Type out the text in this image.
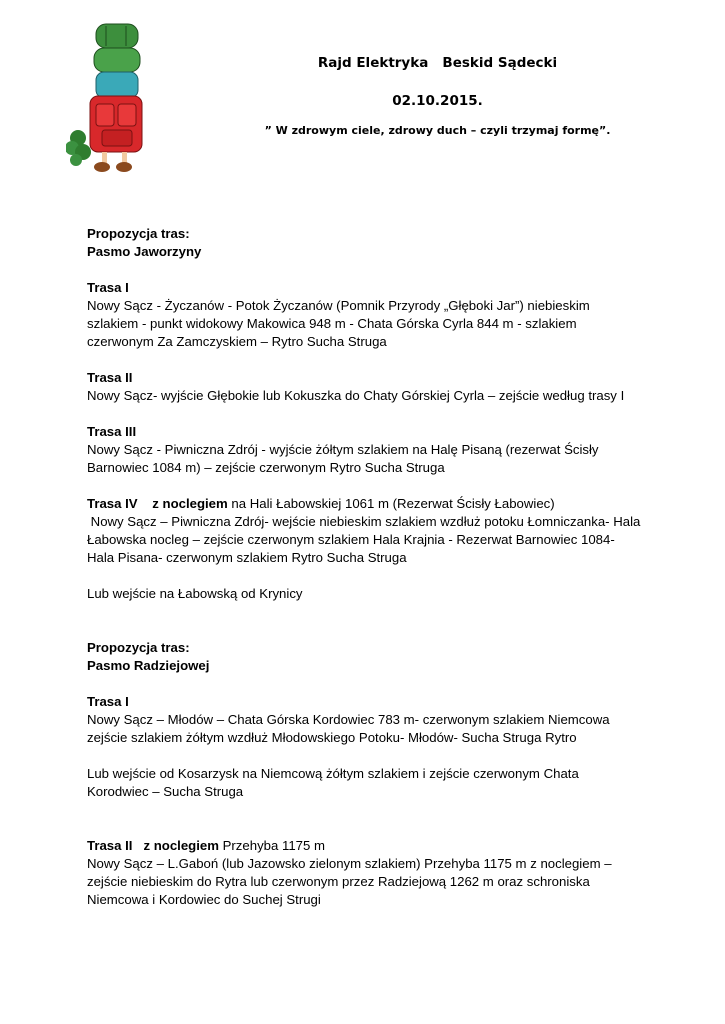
Rajd Elektryka   Beskid Sądecki
02.10.2015.
” W zdrowym ciele, zdrowy duch – czyli trzymaj formę”.

Propozycja tras:

Pasmo Jaworzyny

Trasa I

Nowy Sącz - Życzanów - Potok Życzanów (Pomnik Przyrody „Głęboki Jar”) niebieskim

szlakiem - punkt widokowy Makowica 948 m - Chata Górska Cyrla 844 m - szlakiem

czerwonym Za Zamczyskiem – Rytro Sucha Struga

Trasa II

Nowy Sącz- wyjście Głębokie lub Kokuszka do Chaty Górskiej Cyrla – zejście według trasy I

Trasa III

Nowy Sącz - Piwniczna Zdrój - wyjście żółtym szlakiem na Halę Pisaną (rezerwat Ścisły

Barnowiec 1084 m) – zejście czerwonym Rytro Sucha Struga

Trasa IV z noclegiem na Hali Łabowskiej 1061 m (Rezerwat Ścisły Łabowiec)

Nowy Sącz – Piwniczna Zdrój- wejście niebieskim szlakiem wzdłuż potoku Łomniczanka- Hala

Łabowska nocleg – zejście czerwonym szlakiem Hala Krajnia - Rezerwat Barnowiec 1084-

Hala Pisana- czerwonym szlakiem Rytro Sucha Struga

Lub wejście na Łabowską od Krynicy

Propozycja tras:

Pasmo Radziejowej

Trasa I

Nowy Sącz – Młodów – Chata Górska Kordowiec 783 m- czerwonym szlakiem Niemcowa

zejście szlakiem żółtym wzdłuż Młodowskiego Potoku- Młodów- Sucha Struga Rytro

Lub wejście od Kosarzysk na Niemcową żółtym szlakiem i zejście czerwonym Chata

Korodwiec – Sucha Struga

Trasa II z noclegiem Przehyba 1175 m

Nowy Sącz – L.Gaboń (lub Jazowsko zielonym szlakiem) Przehyba 1175 m z noclegiem –

zejście niebieskim do Rytra lub czerwonym przez Radziejową 1262 m oraz schroniska

Niemcowa i Kordowiec do Suchej Strugi
